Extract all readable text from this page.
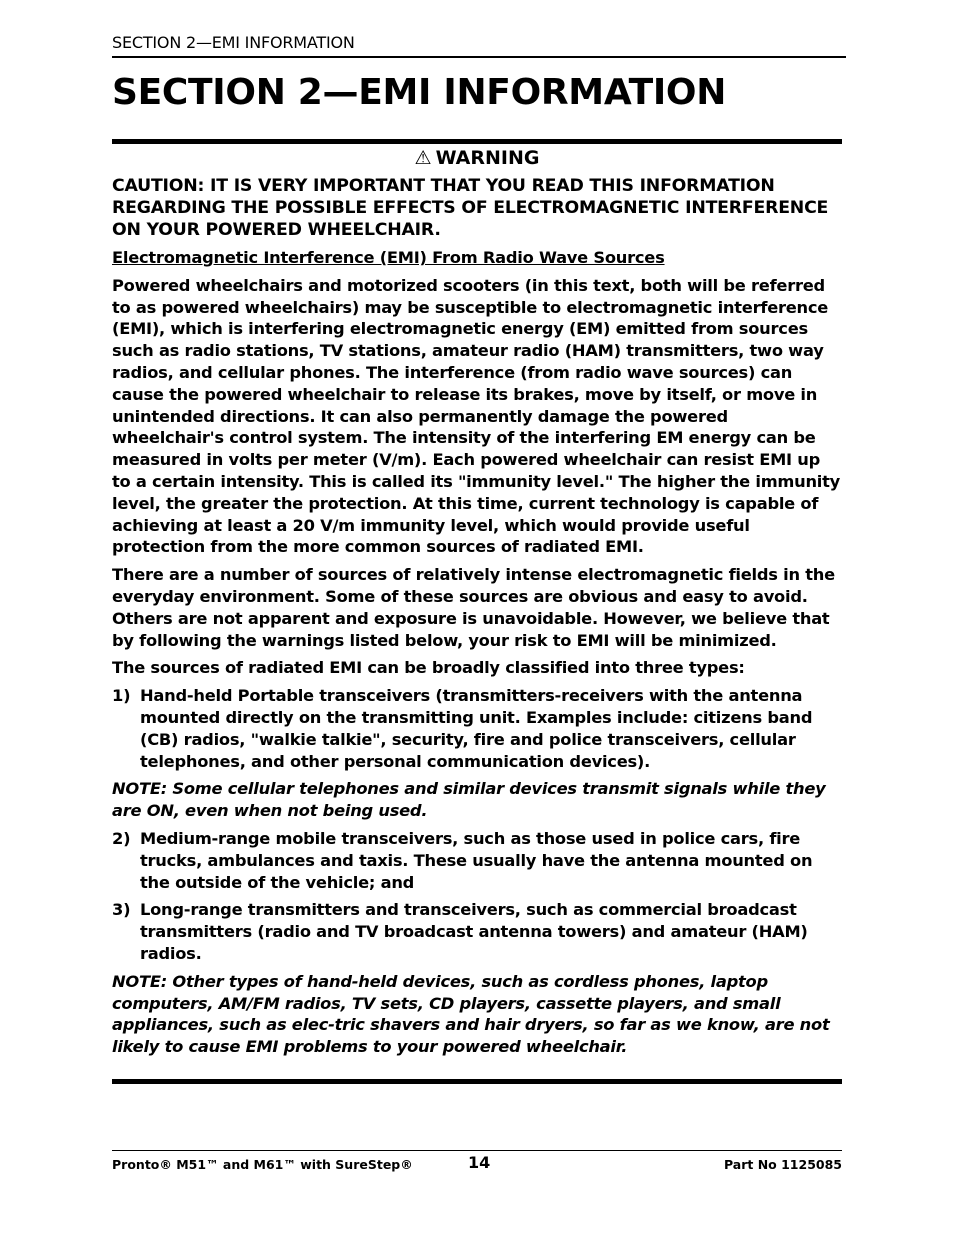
SECTION 2—EMI INFORMATION
SECTION 2—EMI INFORMATION
⚠ WARNING

CAUTION: IT IS VERY IMPORTANT THAT YOU READ THIS INFORMATION REGARDING THE POSSIBLE EFFECTS OF ELECTROMAGNETIC INTERFERENCE ON YOUR POWERED WHEELCHAIR.

Electromagnetic Interference (EMI) From Radio Wave Sources

Powered wheelchairs and motorized scooters (in this text, both will be referred to as powered wheelchairs) may be susceptible to electromagnetic interference (EMI), which is interfering electromagnetic energy (EM) emitted from sources such as radio stations, TV stations, amateur radio (HAM) transmitters, two way radios, and cellular phones. The interference (from radio wave sources) can cause the powered wheelchair to release its brakes, move by itself, or move in unintended directions. It can also permanently damage the powered wheelchair's control system. The intensity of the interfering EM energy can be measured in volts per meter (V/m). Each powered wheelchair can resist EMI up to a certain intensity. This is called its "immunity level." The higher the immunity level, the greater the protection. At this time, current technology is capable of achieving at least a 20 V/m immunity level, which would provide useful protection from the more common sources of radiated EMI.

There are a number of sources of relatively intense electromagnetic fields in the everyday environment. Some of these sources are obvious and easy to avoid. Others are not apparent and exposure is unavoidable. However, we believe that by following the warnings listed below, your risk to EMI will be minimized.

The sources of radiated EMI can be broadly classified into three types:

1) Hand-held Portable transceivers (transmitters-receivers with the antenna mounted directly on the transmitting unit. Examples include: citizens band (CB) radios, "walkie talkie", security, fire and police transceivers, cellular telephones, and other personal communication devices).

NOTE: Some cellular telephones and similar devices transmit signals while they are ON, even when not being used.

2) Medium-range mobile transceivers, such as those used in police cars, fire trucks, ambulances and taxis. These usually have the antenna mounted on the outside of the vehicle; and
3) Long-range transmitters and transceivers, such as commercial broadcast transmitters (radio and TV broadcast antenna towers) and amateur (HAM) radios.

NOTE: Other types of hand-held devices, such as cordless phones, laptop computers, AM/FM radios, TV sets, CD players, cassette players, and small appliances, such as elec-tric shavers and hair dryers, so far as we know, are not likely to cause EMI problems to your powered wheelchair.

Pronto® M51™ and M61™ with SureStep®	14	Part No 1125085
